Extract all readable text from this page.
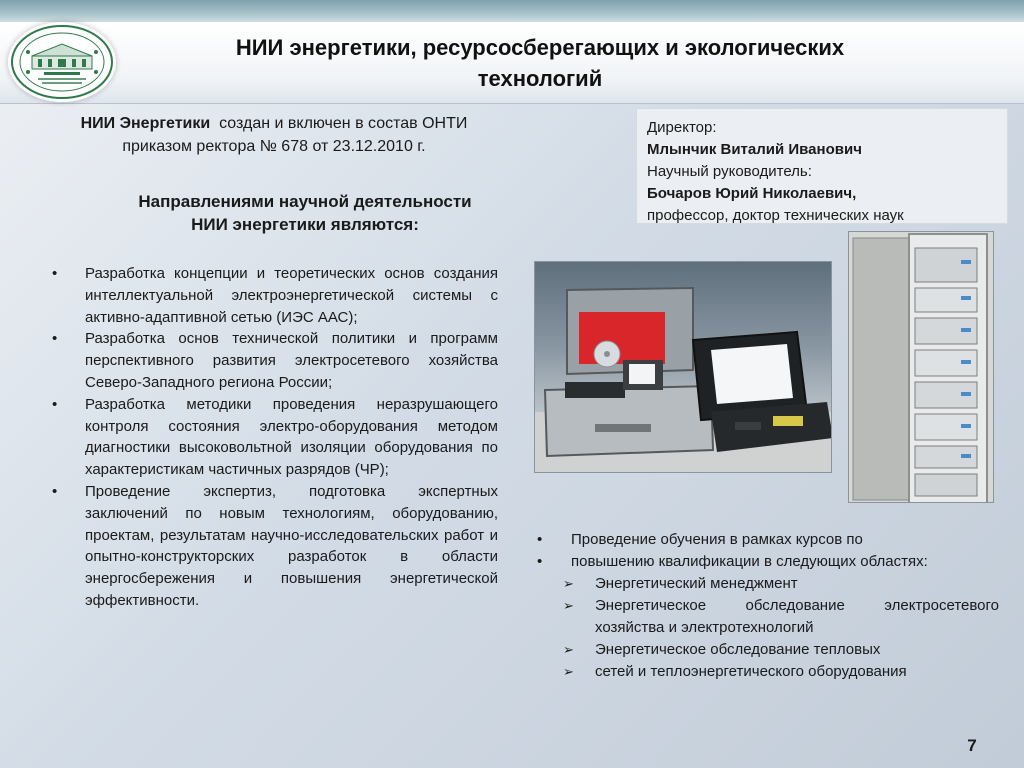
НИИ энергетики, ресурсосберегающих и экологических
технологий
НИИ Энергетики создан и включен в состав ОНТИ
приказом ректора № 678 от 23.12.2010 г.
Директор:
Млынчик Виталий Иванович
Научный руководитель:
Бочаров Юрий Николаевич,
профессор, доктор технических наук
Направлениями научной деятельности
НИИ энергетики являются:
• Разработка концепции и теоретических основ создания интеллектуальной электроэнергетической системы с активно-адаптивной сетью (ИЭС ААС);
• Разработка основ технической политики и программ перспективного развития электросетевого хозяйства Северо-Западного региона России;
• Разработка методики проведения неразрушающего контроля состояния электро-оборудования методом диагностики высоковольтной изоляции оборудования по характеристикам частичных разрядов (ЧР);
• Проведение экспертиз, подготовка экспертных заключений по новым технологиям, оборудованию, проектам, результатам научно-исследовательских работ и опытно-конструкторских разработок в области энергосбережения и повышения энергетической эффективности.
• Проведение обучения в рамках курсов по
• повышению квалификации в следующих областях:
➢ Энергетический менеджмент
➢ Энергетическое обследование электросетевого хозяйства и электротехнологий
➢ Энергетическое обследование тепловых
➢ сетей и теплоэнергетического оборудования
7
